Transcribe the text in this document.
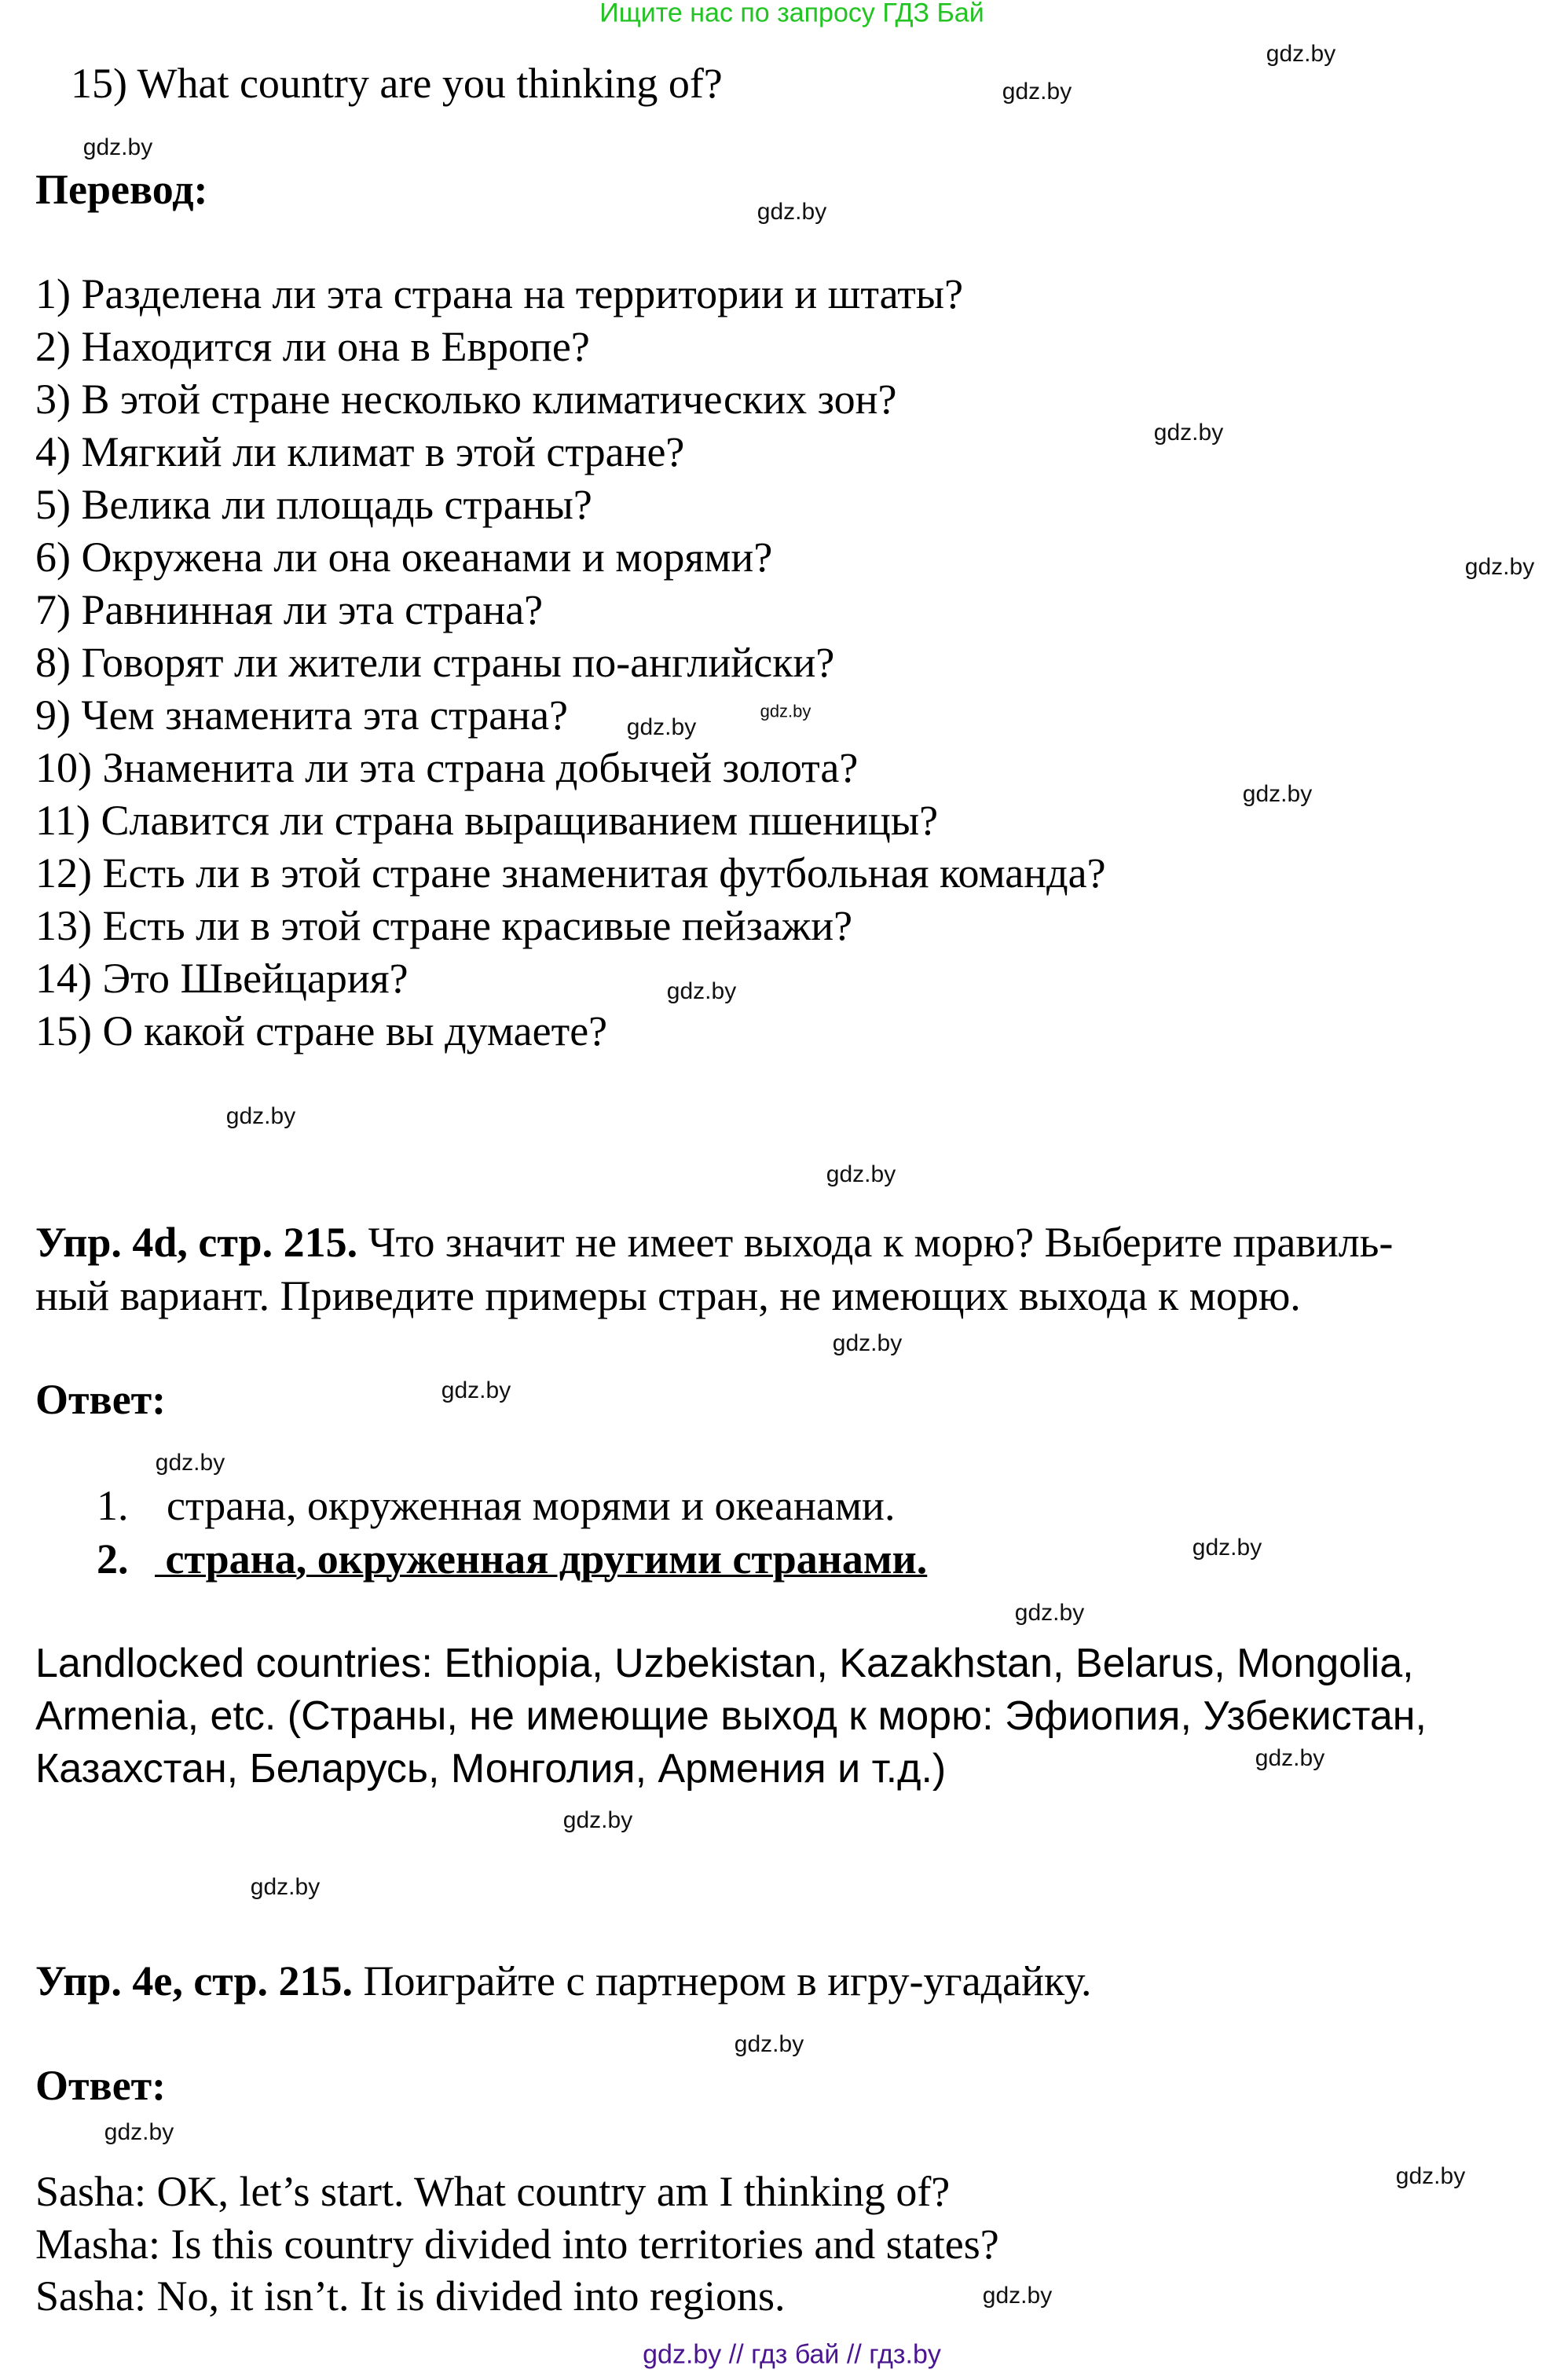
Ищите нас по запросу ГДЗ Бай
15) What country are you thinking of?
Перевод:
1) Разделена ли эта страна на территории и штаты?
2) Находится ли она в Европе?
3) В этой стране несколько климатических зон?
4) Мягкий ли климат в этой стране?
5) Велика ли площадь страны?
6) Окружена ли она океанами и морями?
7) Равнинная ли эта страна?
8) Говорят ли жители страны по-английски?
9) Чем знаменита эта страна?
10) Знаменита ли эта страна добычей золота?
11) Славится ли страна выращиванием пшеницы?
12) Есть ли в этой стране знаменитая футбольная команда?
13) Есть ли в этой стране красивые пейзажи?
14) Это Швейцария?
15) О какой стране вы думаете?
Упр. 4d, стр. 215. Что значит не имеет выхода к морю? Выберите правиль-
ный вариант. Приведите примеры стран, не имеющих выхода к морю.
Ответ:
1. страна, окруженная морями и океанами.
2. страна, окруженная другими странами.
Landlocked countries: Ethiopia, Uzbekistan, Kazakhstan, Belarus, Mongolia,
Armenia, etc. (Страны, не имеющие выход к морю: Эфиопия, Узбекистан,
Казахстан, Беларусь, Монголия, Армения и т.д.)
Упр. 4e, стр. 215. Поиграйте с партнером в игру-угадайку.
Ответ:
Sasha: OK, let’s start. What country am I thinking of?
Masha: Is this country divided into territories and states?
Sasha: No, it isn’t. It is divided into regions.
gdz.by
gdz.by
gdz.by
gdz.by
gdz.by
gdz.by
gdz.by
gdz.by
gdz.by
gdz.by
gdz.by
gdz.by
gdz.by
gdz.by
gdz.by
gdz.by
gdz.by
gdz.by
gdz.by
gdz.by
gdz.by
gdz.by
gdz.by
gdz.by
gdz.by // гдз бай // гдз.by
